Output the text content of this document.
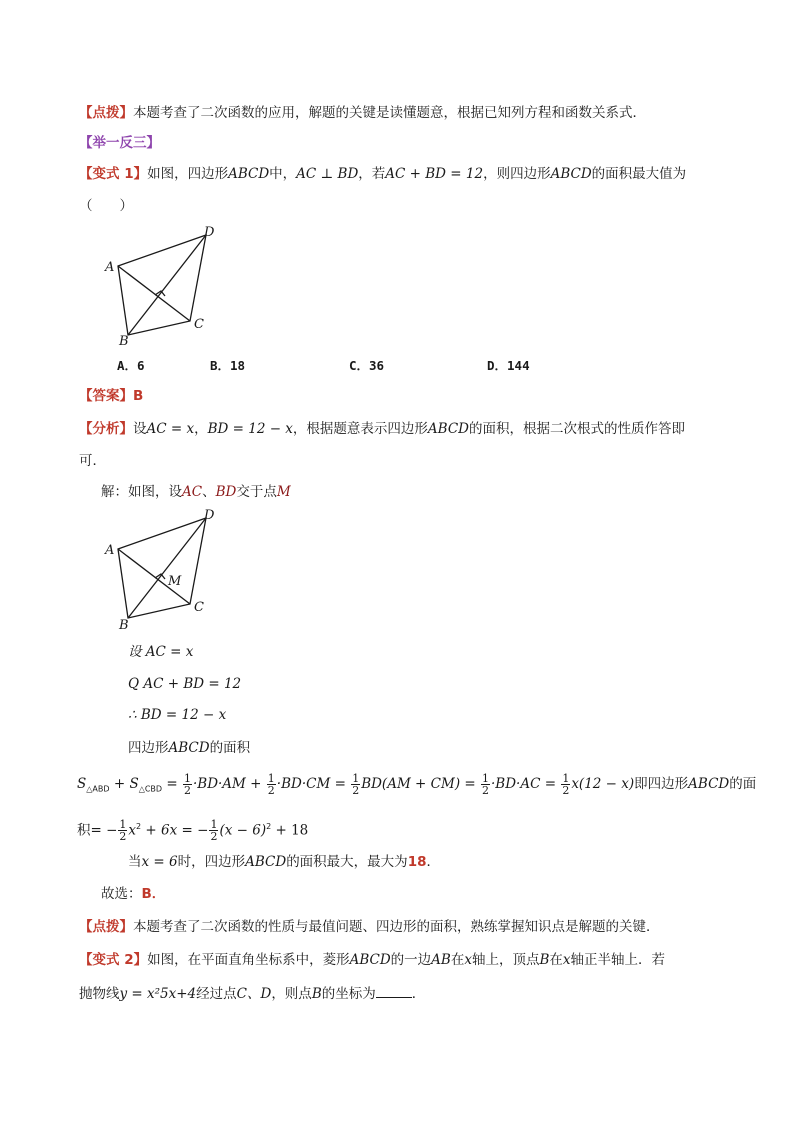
【点拨】本题考查了二次函数的应用，解题的关键是读懂题意，根据已知列方程和函数关系式．
【举一反三】
【变式 1】如图，四边形ABCD中，AC ⊥ BD，若AC + BD = 12，则四边形ABCD的面积最大值为
（　　）
A
D
C
B
A．6	B．18	C．36	D．144
【答案】B
【分析】设AC = x，BD = 12 − x，根据题意表示四边形ABCD的面积，根据二次根式的性质作答即
可．
解：如图，设AC、BD交于点M
A
D
C
B
M
设 AC = x
Q AC + BD = 12
∴ BD = 12 − x
四边形ABCD的面积
$S_{\triangle ABD} + S_{\triangle CBD} = \frac{1}{2} \cdot BD\cdot AM + \frac{1}{2} \cdot BD\cdot CM = \frac{1}{2} BD(AM + CM) = \frac{1}{2} \cdot BD\cdot AC = \frac{1}{2} x(12 - x)$即四边形ABCD的面
积= − $\frac{1}{2} x^2 + 6x$ = − $\frac{1}{2} (x - 6)^2 + 18$
当x = 6时，四边形ABCD的面积最大，最大为18．
故选：B．
【点拨】本题考查了二次函数的性质与最值问题、四边形的面积，熟练掌握知识点是解题的关键．
【变式 2】如图，在平面直角坐标系中，菱形ABCD的一边AB在x轴上，顶点B在x轴正半轴上．若
抛物线y = x²5x+4经过点C、D，则点B的坐标为	．
